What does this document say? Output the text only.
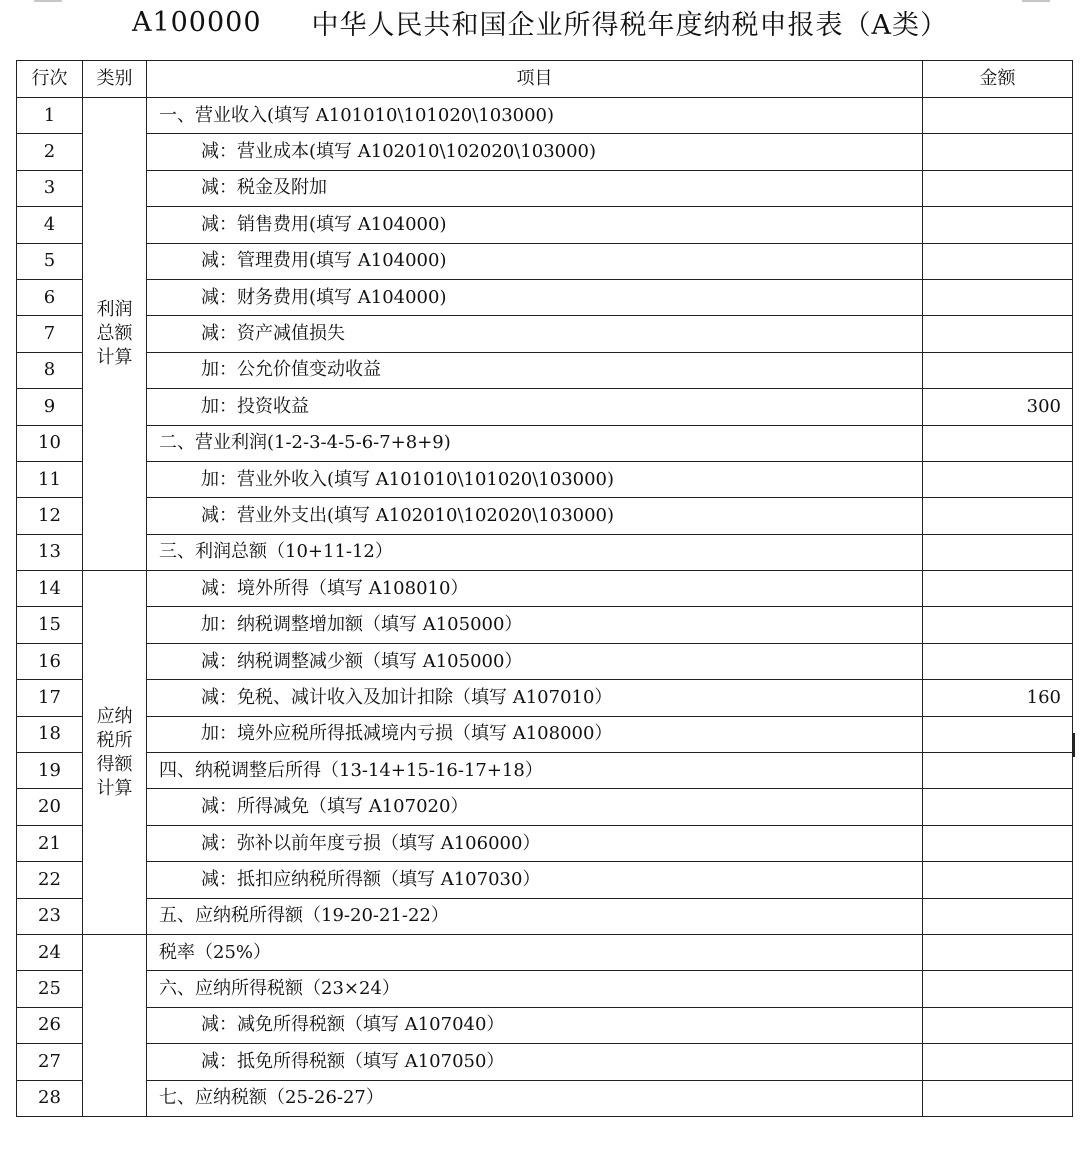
A100000 中华人民共和国企业所得税年度纳税申报表（A类）
行次	类别	项目	金额
1	利润总额计算	一、营业收入(填写 A101010\101020\103000)	
2		减：营业成本(填写 A102010\102020\103000)	
3		减：税金及附加	
4		减：销售费用(填写 A104000)	
5		减：管理费用(填写 A104000)	
6		减：财务费用(填写 A104000)	
7		减：资产减值损失	
8		加：公允价值变动收益	
9		加：投资收益	300
10		二、营业利润(1-2-3-4-5-6-7+8+9)	
11		加：营业外收入(填写 A101010\101020\103000)	
12		减：营业外支出(填写 A102010\102020\103000)	
13		三、利润总额（10+11-12）	
14	应纳税所得额计算	减：境外所得（填写 A108010）	
15		加：纳税调整增加额（填写 A105000）	
16		减：纳税调整减少额（填写 A105000）	
17		减：免税、减计收入及加计扣除（填写 A107010）	160
18		加：境外应税所得抵减境内亏损（填写 A108000）	
19		四、纳税调整后所得（13-14+15-16-17+18）	
20		减：所得减免（填写 A107020）	
21		减：弥补以前年度亏损（填写 A106000）	
22		减：抵扣应纳税所得额（填写 A107030）	
23		五、应纳税所得额（19-20-21-22）	
24		税率（25%）	
25		六、应纳所得税额（23×24）	
26		减：减免所得税额（填写 A107040）	
27		减：抵免所得税额（填写 A107050）	
28		七、应纳税额（25-26-27）	
